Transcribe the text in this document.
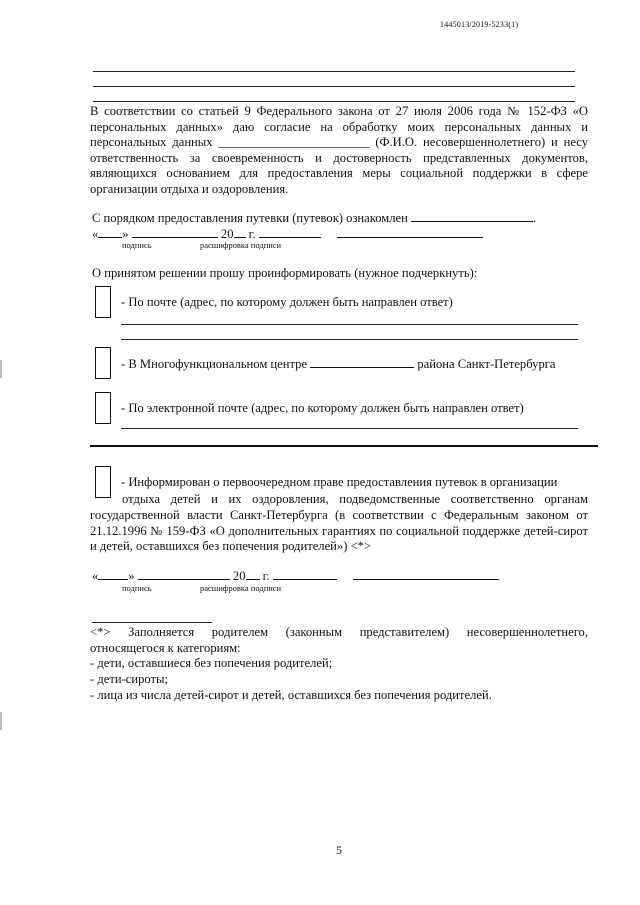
1445013/2019-5233(1)

В соответствии со статьей 9 Федерального закона от 27 июля 2006 года № 152-ФЗ «О персональных данных» даю согласие на обработку моих персональных данных и персональных данных ________________________ (Ф.И.О. несовершеннолетнего) и несу ответственность за своевременность и достоверность представленных документов, являющихся основанием для предоставления меры социальной поддержки в сфере организации отдыха и оздоровления.

С порядком предоставления путевки (путевок) ознакомлен	.
« »	20 г.
подпись	расшифровка подписи
О принятом решении прошу проинформировать (нужное подчеркнуть):
- По почте (адрес, по которому должен быть направлен ответ)
- В Многофункциональном центре	района Санкт-Петербурга
- По электронной почте (адрес, по которому должен быть направлен ответ)
- Информирован о первоочередном праве предоставления путевок в организации

отдыха детей и их оздоровления, подведомственные соответственно органам государственной власти Санкт-Петербурга (в соответствии с Федеральным законом от 21.12.1996 № 159-ФЗ «О дополнительных гарантиях по социальной поддержке детей-сирот и детей, оставшихся без попечения родителей») <*>

« »	20 г.
подпись	расшифровка подписи

<*> Заполняется родителем (законным представителем) несовершеннолетнего, относящегося к категориям:

- дети, оставшиеся без попечения родителей;
- дети-сироты;
- лица из числа детей-сирот и детей, оставшихся без попечения родителей.
5
